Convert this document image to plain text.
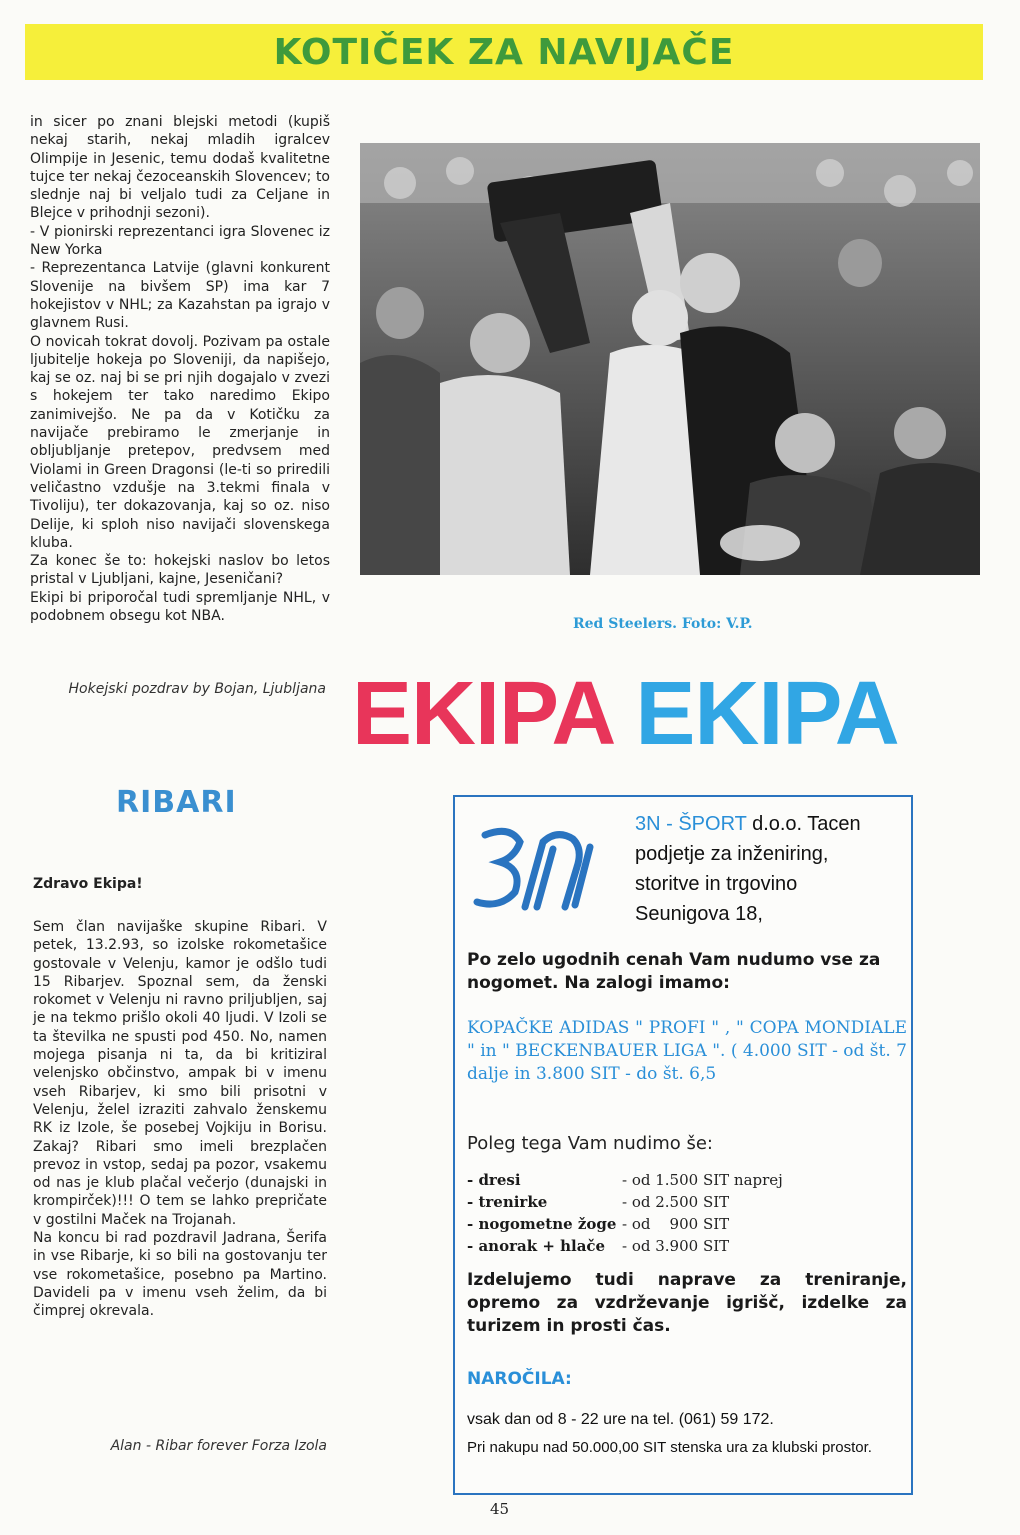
KOTIČEK ZA NAVIJAČE

in sicer po znani blejski metodi (kupiš nekaj starih, nekaj mladih igralcev Olimpije in Jesenic, temu dodaš kvalitetne tujce ter nekaj čezoceanskih Slovencev; to slednje naj bi veljalo tudi za Celjane in Blejce v prihodnji sezoni).

- V pionirski reprezentanci igra Slovenec iz New Yorka

- Reprezentanca Latvije (glavni konkurent Slovenije na bivšem SP) ima kar 7 hokejistov v NHL; za Kazahstan pa igrajo v glavnem Rusi.

O novicah tokrat dovolj. Pozivam pa ostale ljubitelje hokeja po Sloveniji, da napišejo, kaj se oz. naj bi se pri njih dogajalo v zvezi s hokejem ter tako naredimo Ekipo zanimivejšo. Ne pa da v Kotičku za navijače prebiramo le zmerjanje in obljubljanje pretepov, predvsem med Violami in Green Dragonsi (le-ti so priredili veličastno vzdušje na 3.tekmi finala v Tivoliju), ter dokazovanja, kaj so oz. niso Delije, ki sploh niso navijači slovenskega kluba.

Za konec še to: hokejski naslov bo letos pristal v Ljubljani, kajne, Jeseničani?

Ekipi bi priporočal tudi spremljanje NHL, v podobnem obsegu kot NBA.

Hokejski pozdrav by Bojan, Ljubljana
Red Steelers. Foto: V.P.
EKIPA EKIPA
RIBARI
Zdravo Ekipa!

Sem član navijaške skupine Ribari. V petek, 13.2.93, so izolske rokometašice gostovale v Velenju, kamor je odšlo tudi 15 Ribarjev. Spoznal sem, da ženski rokomet v Velenju ni ravno priljubljen, saj je na tekmo prišlo okoli 40 ljudi. V Izoli se ta številka ne spusti pod 450. No, namen mojega pisanja ni ta, da bi kritiziral velenjsko občinstvo, ampak bi v imenu vseh Ribarjev, ki smo bili prisotni v Velenju, želel izraziti zahvalo ženskemu RK iz Izole, še posebej Vojkiju in Borisu. Zakaj? Ribari smo imeli brezplačen prevoz in vstop, sedaj pa pozor, vsakemu od nas je klub plačal večerjo (dunajski in krompirček)!!! O tem se lahko prepričate v gostilni Maček na Trojanah.

Na koncu bi rad pozdravil Jadrana, Šerifa in vse Ribarje, ki so bili na gostovanju ter vse rokometašice, posebno pa Martino. Davideli pa v imenu vseh želim, da bi čimprej okrevala.

Alan - Ribar forever Forza Izola
3N - ŠPORT d.o.o. Tacen
podjetje za inženiring,
storitve in trgovino
Seunigova 18,
Po zelo ugodnih cenah Vam nudumo vse za nogomet. Na zalogi imamo:
KOPAČKE ADIDAS " PROFI " , " COPA MONDIALE " in " BECKENBAUER LIGA ". ( 4.000 SIT - od št. 7 dalje in 3.800 SIT - do št. 6,5
Poleg tega Vam nudimo še:
- dresi	- od 1.500 SIT naprej
- trenirke	- od 2.500 SIT
- nogometne žoge - od    900 SIT
- anorak + hlače	- od 3.900 SIT
Izdelujemo tudi naprave za treniranje, opremo za vzdrževanje igrišč, izdelke za turizem in prosti čas.
NAROČILA:
vsak dan od 8 - 22 ure na tel. (061) 59 172.
Pri nakupu nad 50.000,00 SIT stenska ura za klubski prostor.
45
